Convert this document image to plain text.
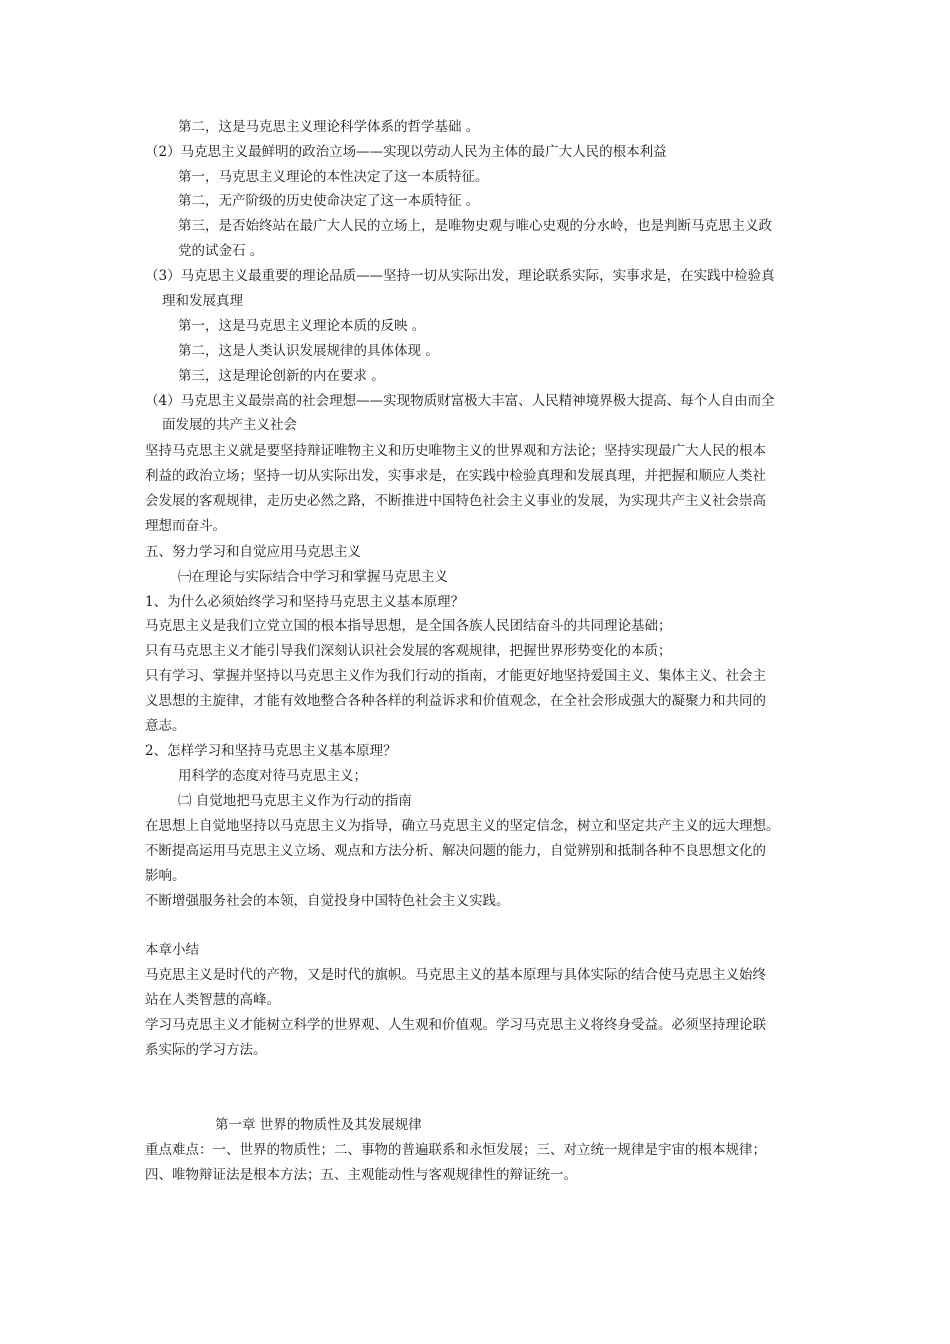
第二，这是马克思主义理论科学体系的哲学基础 。
（2）马克思主义最鲜明的政治立场——实现以劳动人民为主体的最广大人民的根本利益
第一，马克思主义理论的本性决定了这一本质特征。
第二，无产阶级的历史使命决定了这一本质特征 。
第三，是否始终站在最广大人民的立场上，是唯物史观与唯心史观的分水岭，也是判断马克思主义政
党的试金石 。
（3）马克思主义最重要的理论品质——坚持一切从实际出发，理论联系实际，实事求是，在实践中检验真
理和发展真理
第一，这是马克思主义理论本质的反映 。
第二，这是人类认识发展规律的具体体现 。
第三，这是理论创新的内在要求 。
（4）马克思主义最崇高的社会理想——实现物质财富极大丰富、人民精神境界极大提高、每个人自由而全
面发展的共产主义社会
坚持马克思主义就是要坚持辩证唯物主义和历史唯物主义的世界观和方法论；坚持实现最广大人民的根本
利益的政治立场；坚持一切从实际出发，实事求是，在实践中检验真理和发展真理，并把握和顺应人类社
会发展的客观规律，走历史必然之路，不断推进中国特色社会主义事业的发展，为实现共产主义社会崇高
理想而奋斗。
五、努力学习和自觉应用马克思主义
㈠在理论与实际结合中学习和掌握马克思主义
1、为什么必须始终学习和坚持马克思主义基本原理？
马克思主义是我们立党立国的根本指导思想，是全国各族人民团结奋斗的共同理论基础；
只有马克思主义才能引导我们深刻认识社会发展的客观规律，把握世界形势变化的本质；
只有学习、掌握并坚持以马克思主义作为我们行动的指南，才能更好地坚持爱国主义、集体主义、社会主
义思想的主旋律，才能有效地整合各种各样的利益诉求和价值观念，在全社会形成强大的凝聚力和共同的
意志。
2、怎样学习和坚持马克思主义基本原理？
用科学的态度对待马克思主义；
㈡ 自觉地把马克思主义作为行动的指南
在思想上自觉地坚持以马克思主义为指导，确立马克思主义的坚定信念，树立和坚定共产主义的远大理想。
不断提高运用马克思主义立场、观点和方法分析、解决问题的能力，自觉辨别和抵制各种不良思想文化的
影响。
不断增强服务社会的本领，自觉投身中国特色社会主义实践。
本章小结
马克思主义是时代的产物，又是时代的旗帜。马克思主义的基本原理与具体实际的结合使马克思主义始终
站在人类智慧的高峰。
学习马克思主义才能树立科学的世界观、人生观和价值观。学习马克思主义将终身受益。必须坚持理论联
系实际的学习方法。
第一章 世界的物质性及其发展规律
重点难点：一、世界的物质性；二、事物的普遍联系和永恒发展；三、对立统一规律是宇宙的根本规律；
四、唯物辩证法是根本方法；五、主观能动性与客观规律性的辩证统一。
